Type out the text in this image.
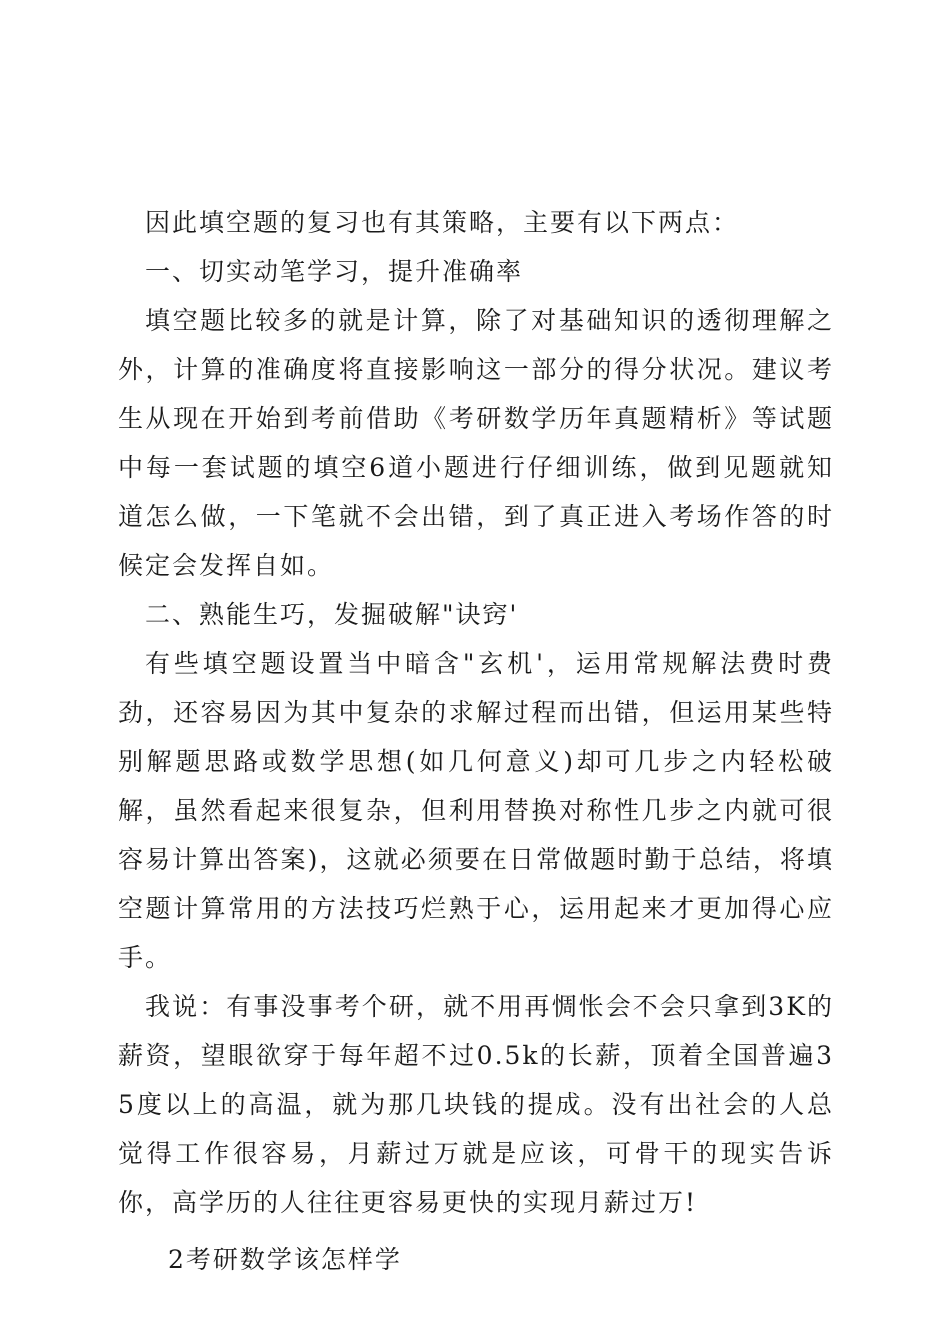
因此填空题的复习也有其策略，主要有以下两点：

一、切实动笔学习，提升准确率

填空题比较多的就是计算，除了对基础知识的透彻理解之外，计算的准确度将直接影响这一部分的得分状况。建议考生从现在开始到考前借助《考研数学历年真题精析》等试题中每一套试题的填空6道小题进行仔细训练，做到见题就知道怎么做，一下笔就不会出错，到了真正进入考场作答的时候定会发挥自如。

二、熟能生巧，发掘破解"诀窍'

有些填空题设置当中暗含"玄机'，运用常规解法费时费劲，还容易因为其中复杂的求解过程而出错，但运用某些特别解题思路或数学思想(如几何意义)却可几步之内轻松破解，虽然看起来很复杂，但利用替换对称性几步之内就可很容易计算出答案)，这就必须要在日常做题时勤于总结，将填空题计算常用的方法技巧烂熟于心，运用起来才更加得心应手。

我说：有事没事考个研，就不用再惆怅会不会只拿到3K的薪资，望眼欲穿于每年超不过0.5k的长薪，顶着全国普遍35度以上的高温，就为那几块钱的提成。没有出社会的人总觉得工作很容易，月薪过万就是应该，可骨干的现实告诉你，高学历的人往往更容易更快的实现月薪过万!

2考研数学该怎样学
